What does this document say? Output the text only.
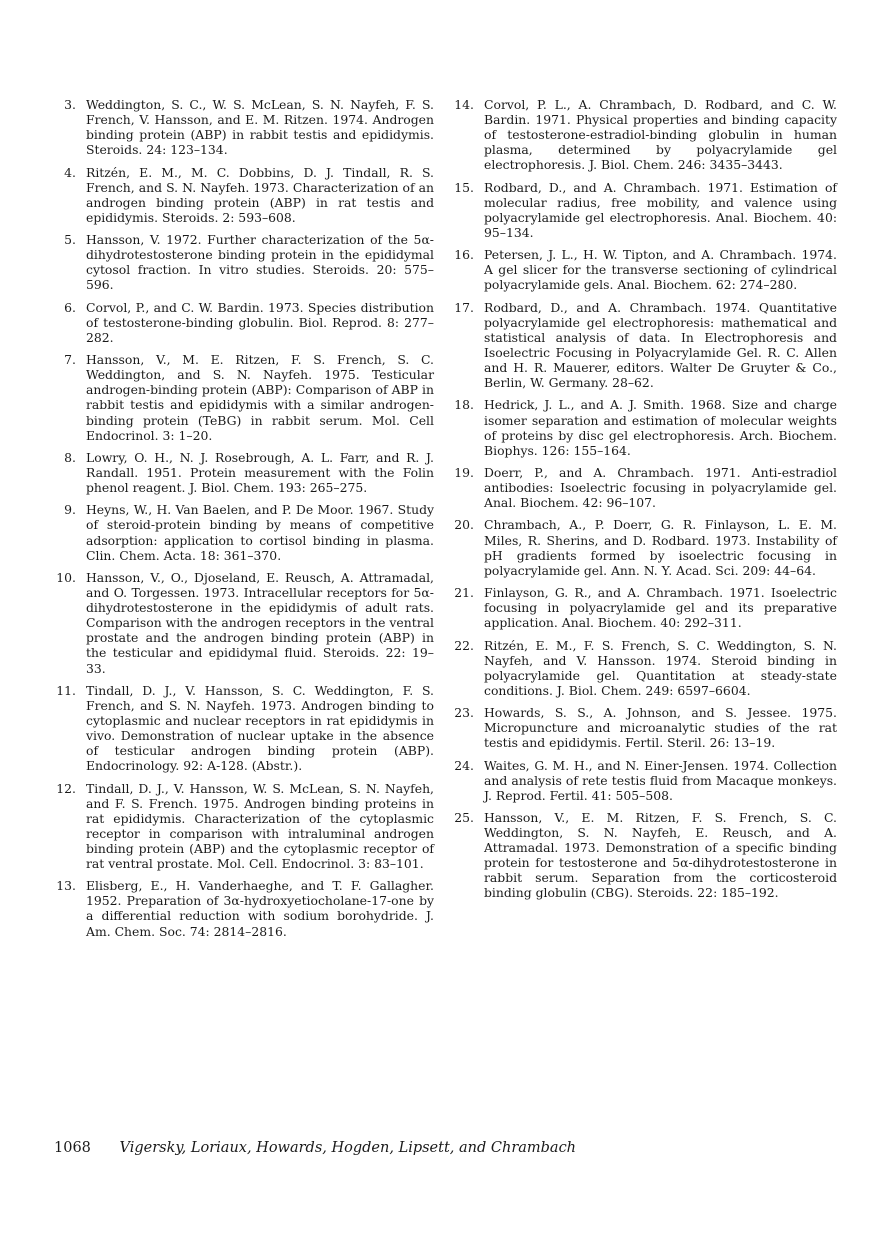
3. Weddington, S. C., W. S. McLean, S. N. Nayfeh, F. S. French, V. Hansson, and E. M. Ritzen. 1974. Androgen binding protein (ABP) in rabbit testis and epididymis. Steroids. 24: 123–134.
4. Ritzén, E. M., M. C. Dobbins, D. J. Tindall, R. S. French, and S. N. Nayfeh. 1973. Characterization of an androgen binding protein (ABP) in rat testis and epididymis. Steroids. 2: 593–608.
5. Hansson, V. 1972. Further characterization of the 5α-dihydrotestosterone binding protein in the epididymal cytosol fraction. In vitro studies. Steroids. 20: 575–596.
6. Corvol, P., and C. W. Bardin. 1973. Species distribution of testosterone-binding globulin. Biol. Reprod. 8: 277–282.
7. Hansson, V., M. E. Ritzen, F. S. French, S. C. Weddington, and S. N. Nayfeh. 1975. Testicular androgen-binding protein (ABP): Comparison of ABP in rabbit testis and epididymis with a similar androgen-binding protein (TeBG) in rabbit serum. Mol. Cell Endocrinol. 3: 1–20.
8. Lowry, O. H., N. J. Rosebrough, A. L. Farr, and R. J. Randall. 1951. Protein measurement with the Folin phenol reagent. J. Biol. Chem. 193: 265–275.
9. Heyns, W., H. Van Baelen, and P. De Moor. 1967. Study of steroid-protein binding by means of competitive adsorption: application to cortisol binding in plasma. Clin. Chem. Acta. 18: 361–370.
10. Hansson, V., O., Djoseland, E. Reusch, A. Attramadal, and O. Torgessen. 1973. Intracellular receptors for 5α-dihydrotestosterone in the epididymis of adult rats. Comparison with the androgen receptors in the ventral prostate and the androgen binding protein (ABP) in the testicular and epididymal fluid. Steroids. 22: 19–33.
11. Tindall, D. J., V. Hansson, S. C. Weddington, F. S. French, and S. N. Nayfeh. 1973. Androgen binding to cytoplasmic and nuclear receptors in rat epididymis in vivo. Demonstration of nuclear uptake in the absence of testicular androgen binding protein (ABP). Endocrinology. 92: A-128. (Abstr.).
12. Tindall, D. J., V. Hansson, W. S. McLean, S. N. Nayfeh, and F. S. French. 1975. Androgen binding proteins in rat epididymis. Characterization of the cytoplasmic receptor in comparison with intraluminal androgen binding protein (ABP) and the cytoplasmic receptor of rat ventral prostate. Mol. Cell. Endocrinol. 3: 83–101.
13. Elisberg, E., H. Vanderhaeghe, and T. F. Gallagher. 1952. Preparation of 3α-hydroxyetiocholane-17-one by a differential reduction with sodium borohydride. J. Am. Chem. Soc. 74: 2814–2816.
14. Corvol, P. L., A. Chrambach, D. Rodbard, and C. W. Bardin. 1971. Physical properties and binding capacity of testosterone-estradiol-binding globulin in human plasma, determined by polyacrylamide gel electrophoresis. J. Biol. Chem. 246: 3435–3443.
15. Rodbard, D., and A. Chrambach. 1971. Estimation of molecular radius, free mobility, and valence using polyacrylamide gel electrophoresis. Anal. Biochem. 40: 95–134.
16. Petersen, J. L., H. W. Tipton, and A. Chrambach. 1974. A gel slicer for the transverse sectioning of cylindrical polyacrylamide gels. Anal. Biochem. 62: 274–280.
17. Rodbard, D., and A. Chrambach. 1974. Quantitative polyacrylamide gel electrophoresis: mathematical and statistical analysis of data. In Electrophoresis and Isoelectric Focusing in Polyacrylamide Gel. R. C. Allen and H. R. Mauerer, editors. Walter De Gruyter & Co., Berlin, W. Germany. 28–62.
18. Hedrick, J. L., and A. J. Smith. 1968. Size and charge isomer separation and estimation of molecular weights of proteins by disc gel electrophoresis. Arch. Biochem. Biophys. 126: 155–164.
19. Doerr, P., and A. Chrambach. 1971. Anti-estradiol antibodies: Isoelectric focusing in polyacrylamide gel. Anal. Biochem. 42: 96–107.
20. Chrambach, A., P. Doerr, G. R. Finlayson, L. E. M. Miles, R. Sherins, and D. Rodbard. 1973. Instability of pH gradients formed by isoelectric focusing in polyacrylamide gel. Ann. N. Y. Acad. Sci. 209: 44–64.
21. Finlayson, G. R., and A. Chrambach. 1971. Isoelectric focusing in polyacrylamide gel and its preparative application. Anal. Biochem. 40: 292–311.
22. Ritzén, E. M., F. S. French, S. C. Weddington, S. N. Nayfeh, and V. Hansson. 1974. Steroid binding in polyacrylamide gel. Quantitation at steady-state conditions. J. Biol. Chem. 249: 6597–6604.
23. Howards, S. S., A. Johnson, and S. Jessee. 1975. Micropuncture and microanalytic studies of the rat testis and epididymis. Fertil. Steril. 26: 13–19.
24. Waites, G. M. H., and N. Einer-Jensen. 1974. Collection and analysis of rete testis fluid from Macaque monkeys. J. Reprod. Fertil. 41: 505–508.
25. Hansson, V., E. M. Ritzen, F. S. French, S. C. Weddington, S. N. Nayfeh, E. Reusch, and A. Attramadal. 1973. Demonstration of a specific binding protein for testosterone and 5α-dihydrotestosterone in rabbit serum. Separation from the corticosteroid binding globulin (CBG). Steroids. 22: 185–192.
1068 Vigersky, Loriaux, Howards, Hogden, Lipsett, and Chrambach
